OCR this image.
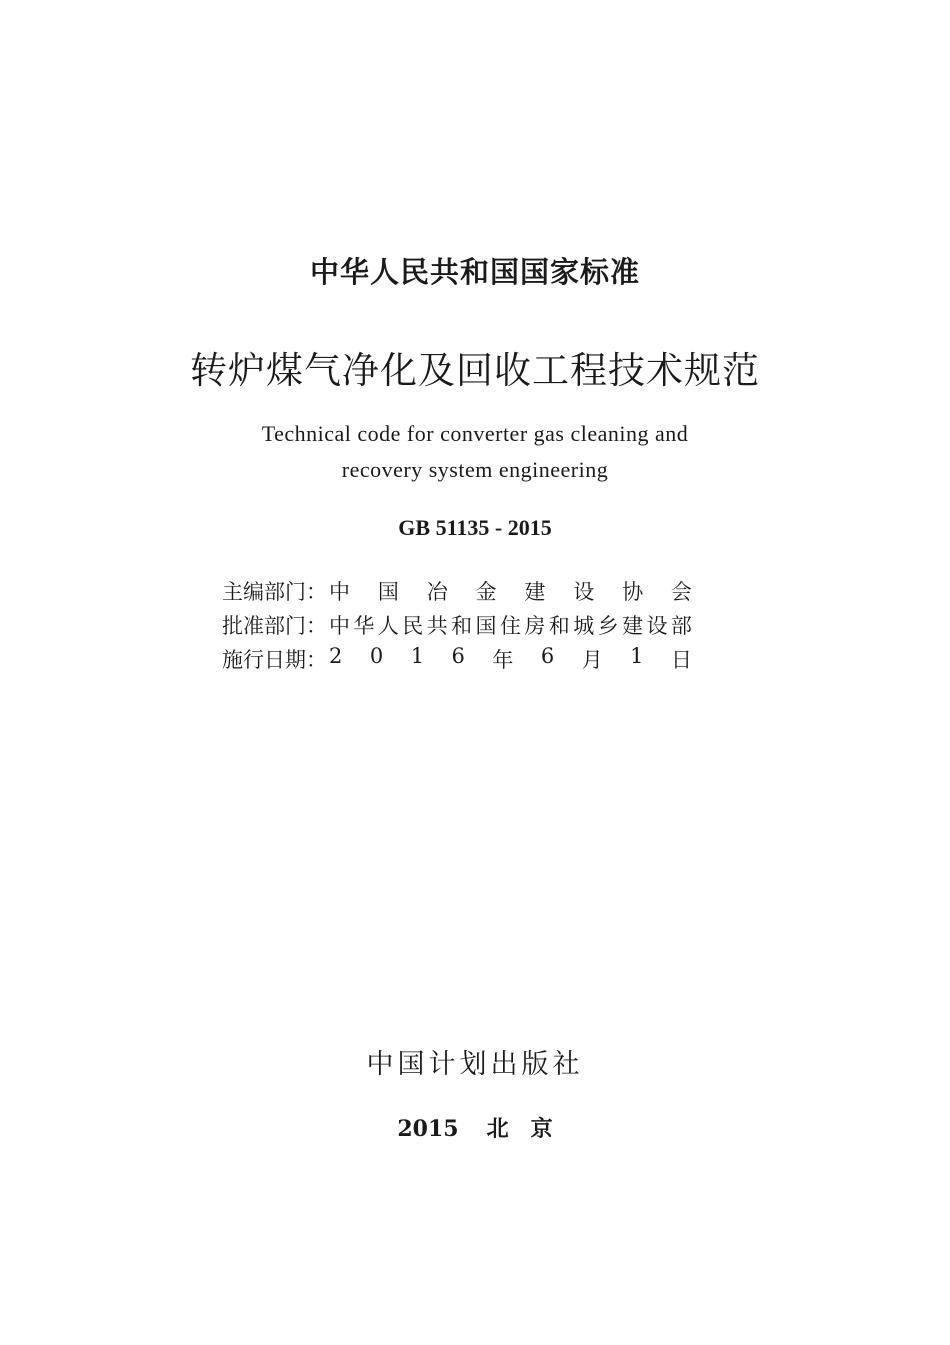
中华人民共和国国家标准
转炉煤气净化及回收工程技术规范
Technical code for converter gas cleaning and
recovery system engineering
GB 51135 - 2015
主编部门： 中 国 冶 金 建 设 协 会
批准部门： 中 华 人 民 共 和 国 住 房 和 城 乡 建 设 部
施行日期： 2 0 1 6 年 6 月 1 日
中国计划出版社
2015 北　京
